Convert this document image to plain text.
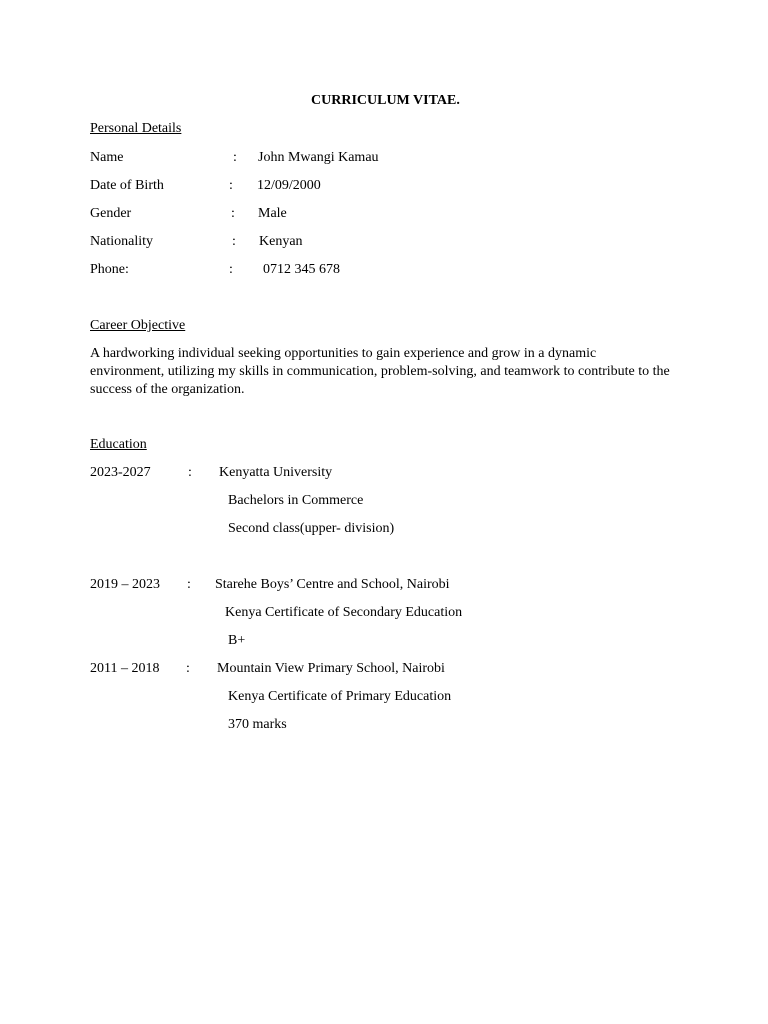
CURRICULUM VITAE.
Personal Details
Name	: John Mwangi Kamau
Date of Birth	: 12/09/2000
Gender	: Male
Nationality	: Kenyan
Phone:	: 0712 345 678
Career Objective
A hardworking individual seeking opportunities to gain experience and grow in a dynamic environment, utilizing my skills in communication, problem-solving, and teamwork to contribute to the success of the organization.
Education
2023-2027	: Kenyatta University
Bachelors in Commerce
Second class(upper- division)
2019 – 2023 : Starehe Boys’ Centre and School, Nairobi
Kenya Certificate of Secondary Education
B+
2011 – 2018 : Mountain View Primary School, Nairobi
Kenya Certificate of Primary Education
370 marks
